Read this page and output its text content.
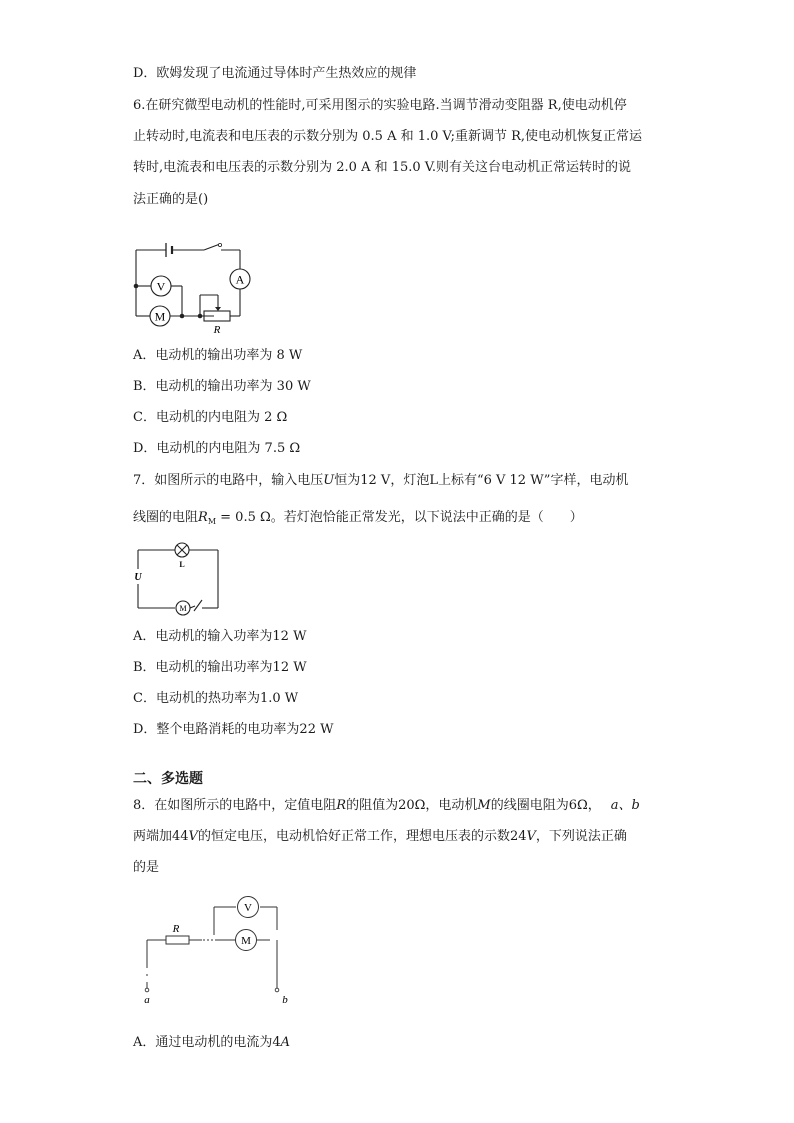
D．欧姆发现了电流通过导体时产生热效应的规律
6.在研究微型电动机的性能时,可采用图示的实验电路.当调节滑动变阻器 R,使电动机停
止转动时,电流表和电压表的示数分别为 0.5 A 和 1.0 V;重新调节 R,使电动机恢复正常运
转时,电流表和电压表的示数分别为 2.0 A 和 15.0 V.则有关这台电动机正常运转时的说
法正确的是()
V
M
A
R
A．电动机的输出功率为 8 W
B．电动机的输出功率为 30 W
C．电动机的内电阻为 2 Ω
D．电动机的内电阻为 7.5 Ω
7．如图所示的电路中，输入电压U恒为12 V，灯泡L上标有“6 V 12 W”字样，电动机
线圈的电阻$R_M = 0.5$ Ω。若灯泡恰能正常发光，以下说法中正确的是（　　）
L
U
M
A．电动机的输入功率为12 W
B．电动机的输出功率为12 W
C．电动机的热功率为1.0 W
D．整个电路消耗的电功率为22 W
二、多选题
8．在如图所示的电路中，定值电阻R的阻值为20Ω，电动机M的线圈电阻为6Ω， a、b
两端加44V的恒定电压，电动机恰好正常工作，理想电压表的示数24V，下列说法正确
的是
V
M
R
a	b
A．通过电动机的电流为4A
